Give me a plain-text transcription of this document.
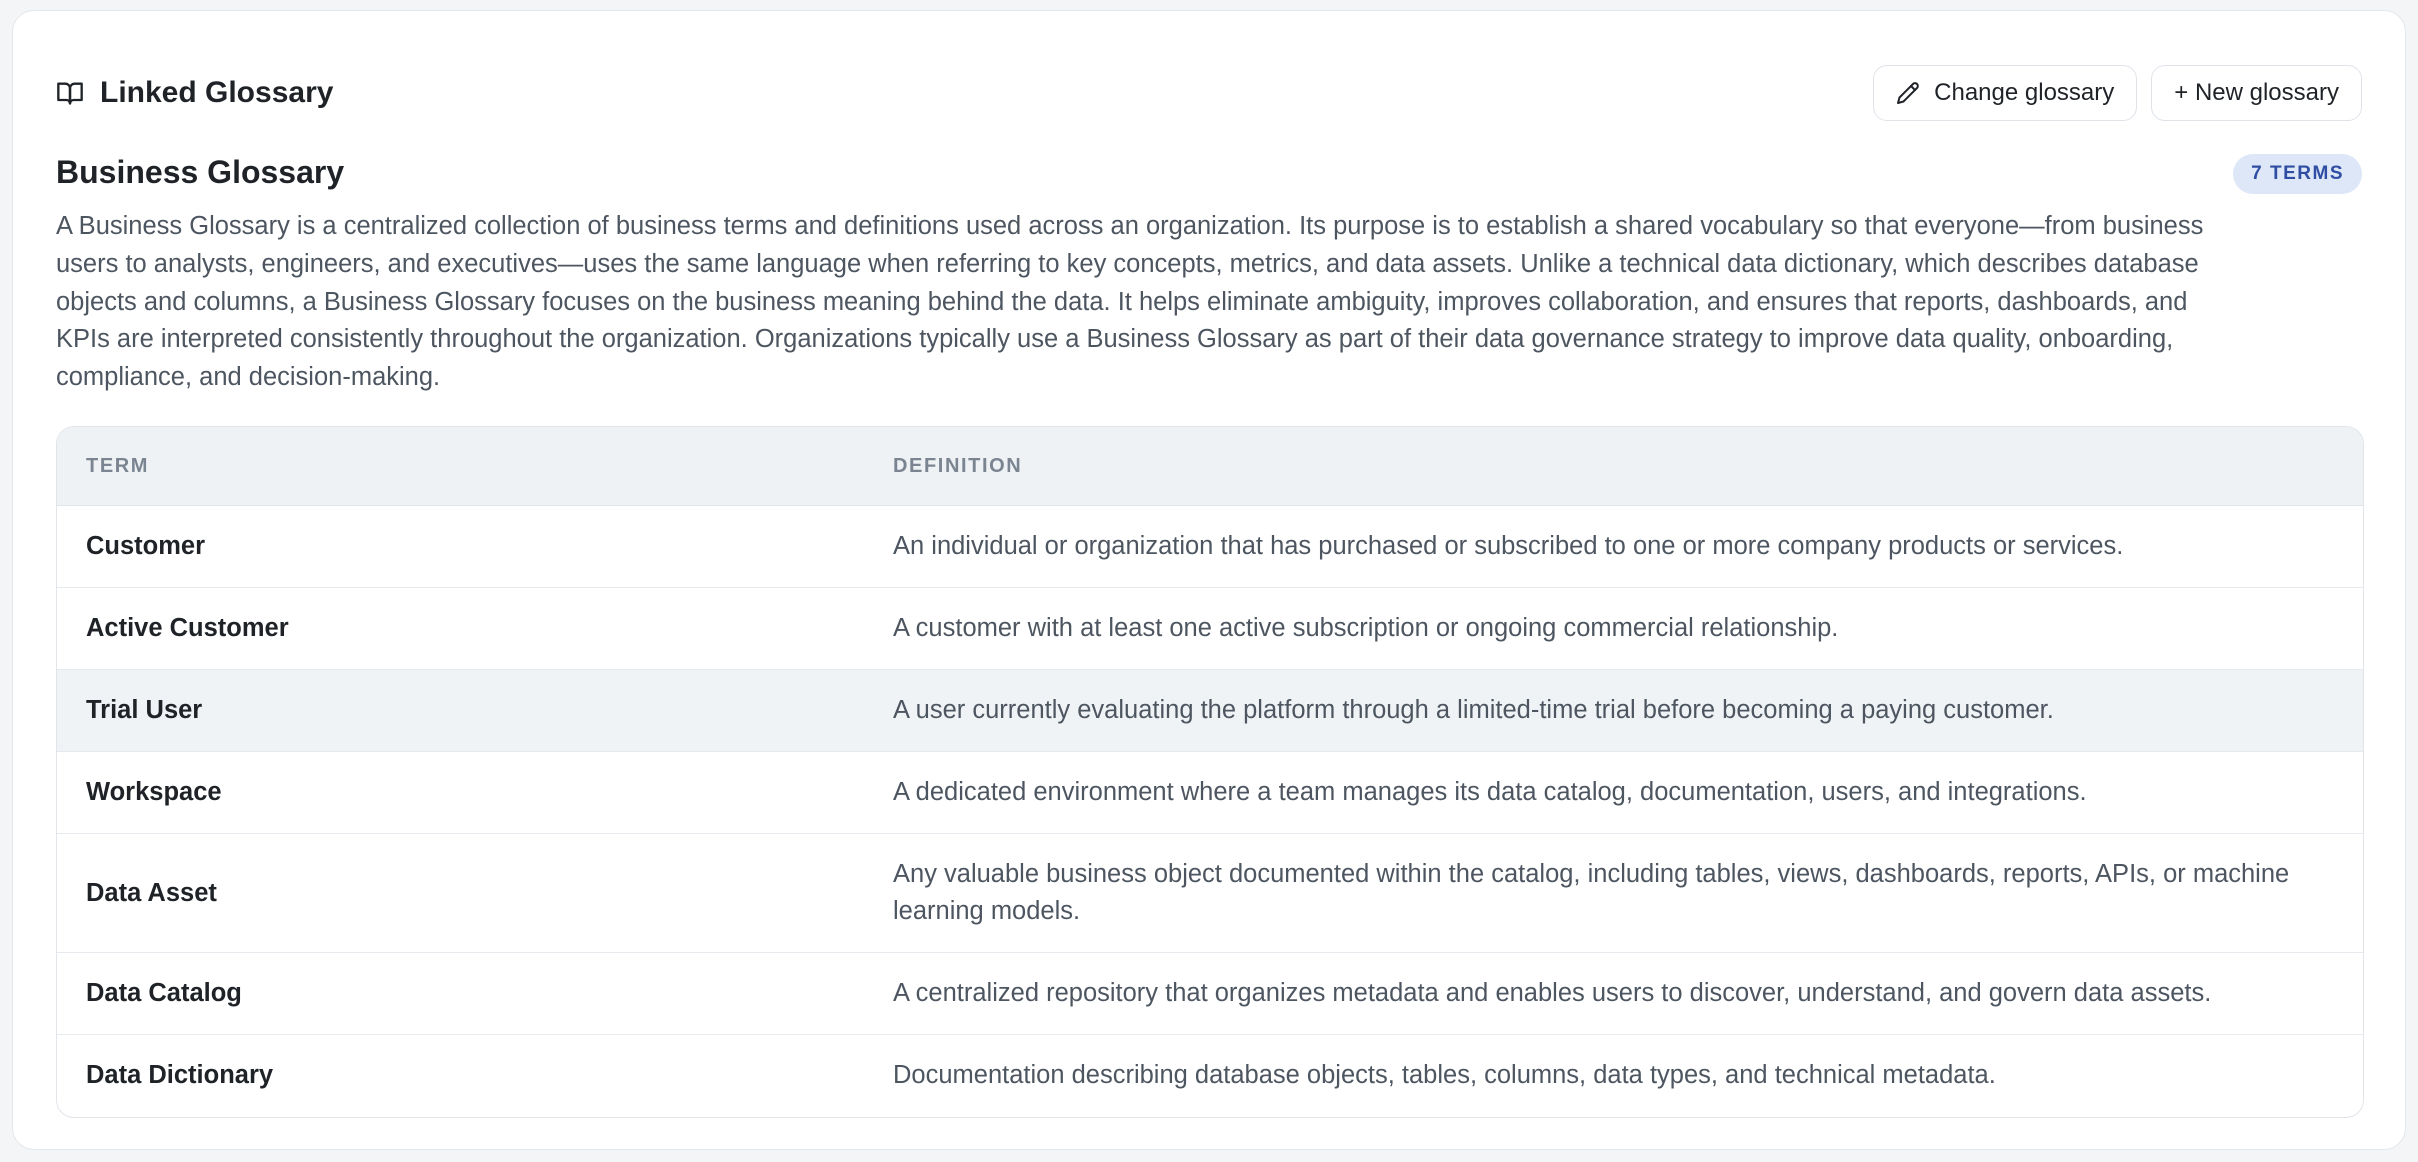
Linked Glossary	Change glossary	+ New glossary
Business Glossary	7 TERMS

A Business Glossary is a centralized collection of business terms and definitions used across an organization. Its purpose is to establish a shared vocabulary so that everyone—from business users to analysts, engineers, and executives—uses the same language when referring to key concepts, metrics, and data assets. Unlike a technical data dictionary, which describes database objects and columns, a Business Glossary focuses on the business meaning behind the data. It helps eliminate ambiguity, improves collaboration, and ensures that reports, dashboards, and KPIs are interpreted consistently throughout the organization. Organizations typically use a Business Glossary as part of their data governance strategy to improve data quality, onboarding, compliance, and decision-making.

TERM	DEFINITION
Customer	An individual or organization that has purchased or subscribed to one or more company products or services.
Active Customer	A customer with at least one active subscription or ongoing commercial relationship.
Trial User	A user currently evaluating the platform through a limited-time trial before becoming a paying customer.
Workspace	A dedicated environment where a team manages its data catalog, documentation, users, and integrations.
Data Asset	Any valuable business object documented within the catalog, including tables, views, dashboards, reports, APIs, or machine learning models.
Data Catalog	A centralized repository that organizes metadata and enables users to discover, understand, and govern data assets.
Data Dictionary	Documentation describing database objects, tables, columns, data types, and technical metadata.
